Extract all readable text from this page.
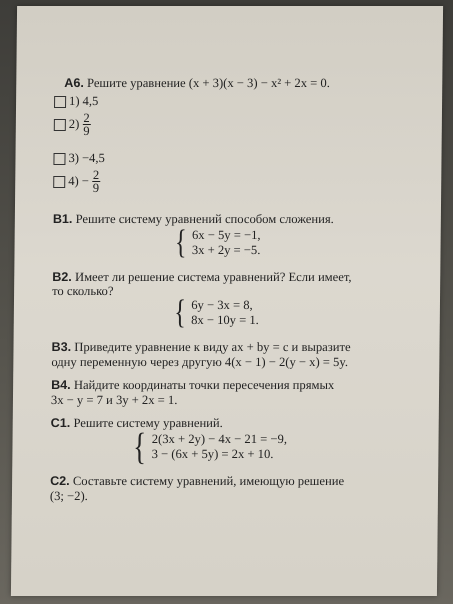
А6. Решите уравнение (x + 3)(x − 3) − x² + 2x = 0.
1) 4,5
$2) \frac{2}{9}$
3) −4,5
$4) - \frac{2}{9}$
В1. Решите систему уравнений способом сложения.
{ 6x − 5y = −1,
3x + 2y = −5.
В2. Имеет ли решение система уравнений? Если имеет,
то сколько?
{ 6y − 3x = 8,
8x − 10y = 1.
В3. Приведите уравнение к виду ax + by = c и выразите
одну переменную через другую 4(x − 1) − 2(y − x) = 5y.
В4. Найдите координаты точки пересечения прямых
3x − y = 7 и 3y + 2x = 1.
С1. Решите систему уравнений.
{ 2(3x + 2y) − 4x − 21 = −9,
3 − (6x + 5y) = 2x + 10.
С2. Составьте систему уравнений, имеющую решение
(3; −2).
